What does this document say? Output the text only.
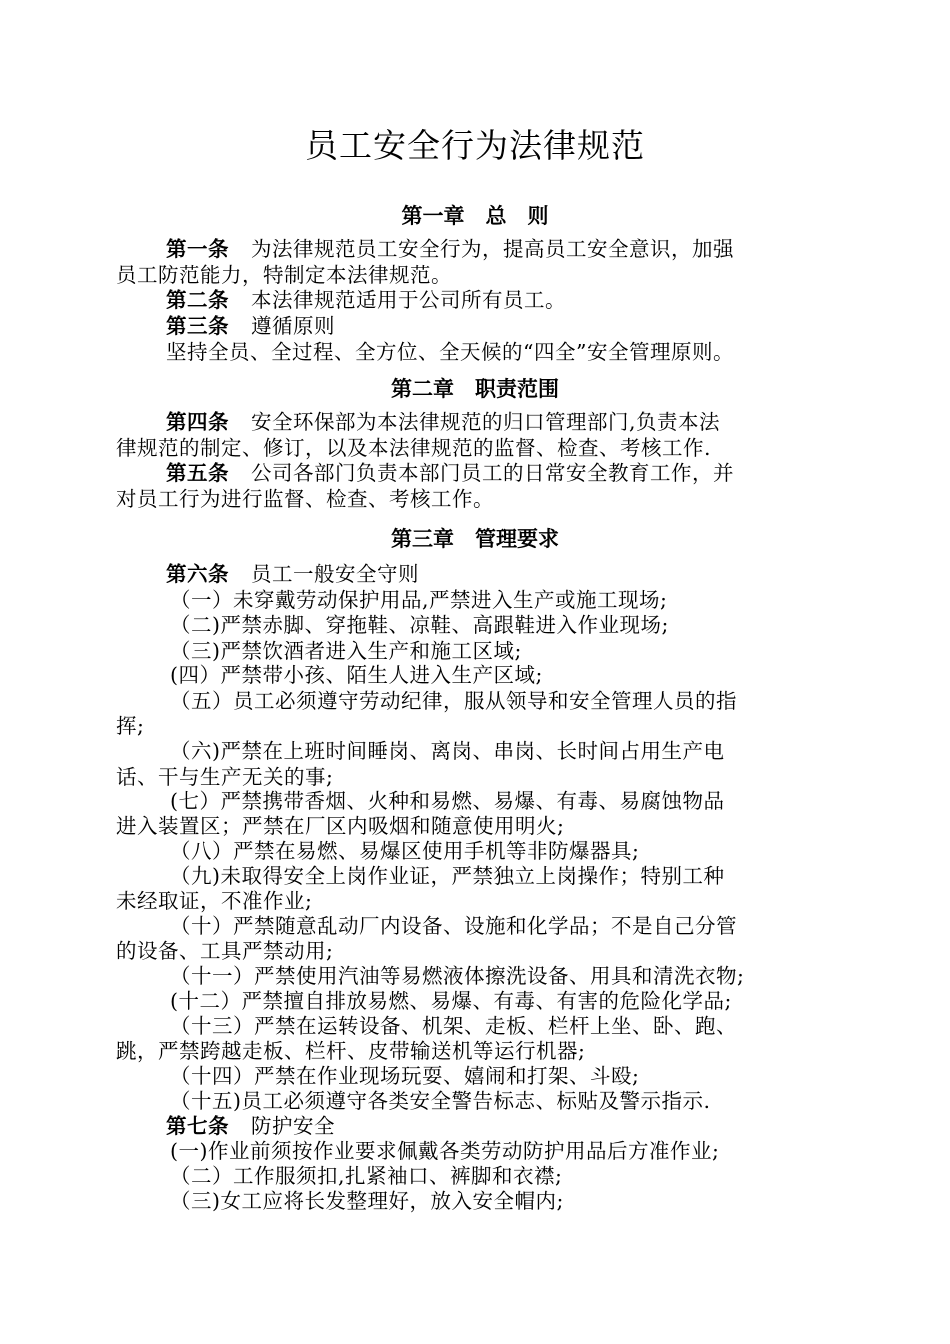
员工安全行为法律规范
第一章　总　则
第一条 为法律规范员工安全行为，提高员工安全意识，加强
员工防范能力，特制定本法律规范。
第二条 本法律规范适用于公司所有员工。
第三条 遵循原则
坚持全员、全过程、全方位、全天候的“四全”安全管理原则。
第二章　职责范围
第四条 安全环保部为本法律规范的归口管理部门,负责本法
律规范的制定、修订，以及本法律规范的监督、检查、考核工作.
第五条 公司各部门负责本部门员工的日常安全教育工作，并
对员工行为进行监督、检查、考核工作。
第三章　管理要求
第六条 员工一般安全守则
（一）未穿戴劳动保护用品,严禁进入生产或施工现场;
（二)严禁赤脚、穿拖鞋、凉鞋、高跟鞋进入作业现场;
（三)严禁饮酒者进入生产和施工区域;
(四）严禁带小孩、陌生人进入生产区域;
（五）员工必须遵守劳动纪律，服从领导和安全管理人员的指
挥;
（六)严禁在上班时间睡岗、离岗、串岗、长时间占用生产电
话、干与生产无关的事;
(七）严禁携带香烟、火种和易燃、易爆、有毒、易腐蚀物品
进入装置区；严禁在厂区内吸烟和随意使用明火;
（八）严禁在易燃、易爆区使用手机等非防爆器具;
（九)未取得安全上岗作业证，严禁独立上岗操作；特别工种
未经取证，不准作业;
（十）严禁随意乱动厂内设备、设施和化学品；不是自己分管
的设备、工具严禁动用;
（十一）严禁使用汽油等易燃液体擦洗设备、用具和清洗衣物;
(十二）严禁擅自排放易燃、易爆、有毒、有害的危险化学品;
（十三）严禁在运转设备、机架、走板、栏杆上坐、卧、跑、
跳，严禁跨越走板、栏杆、皮带输送机等运行机器;
（十四）严禁在作业现场玩耍、嬉闹和打架、斗殴;
（十五)员工必须遵守各类安全警告标志、标贴及警示指示.
第七条 防护安全
(一)作业前须按作业要求佩戴各类劳动防护用品后方准作业;
（二）工作服须扣,扎紧袖口、裤脚和衣襟;
（三)女工应将长发整理好，放入安全帽内;
